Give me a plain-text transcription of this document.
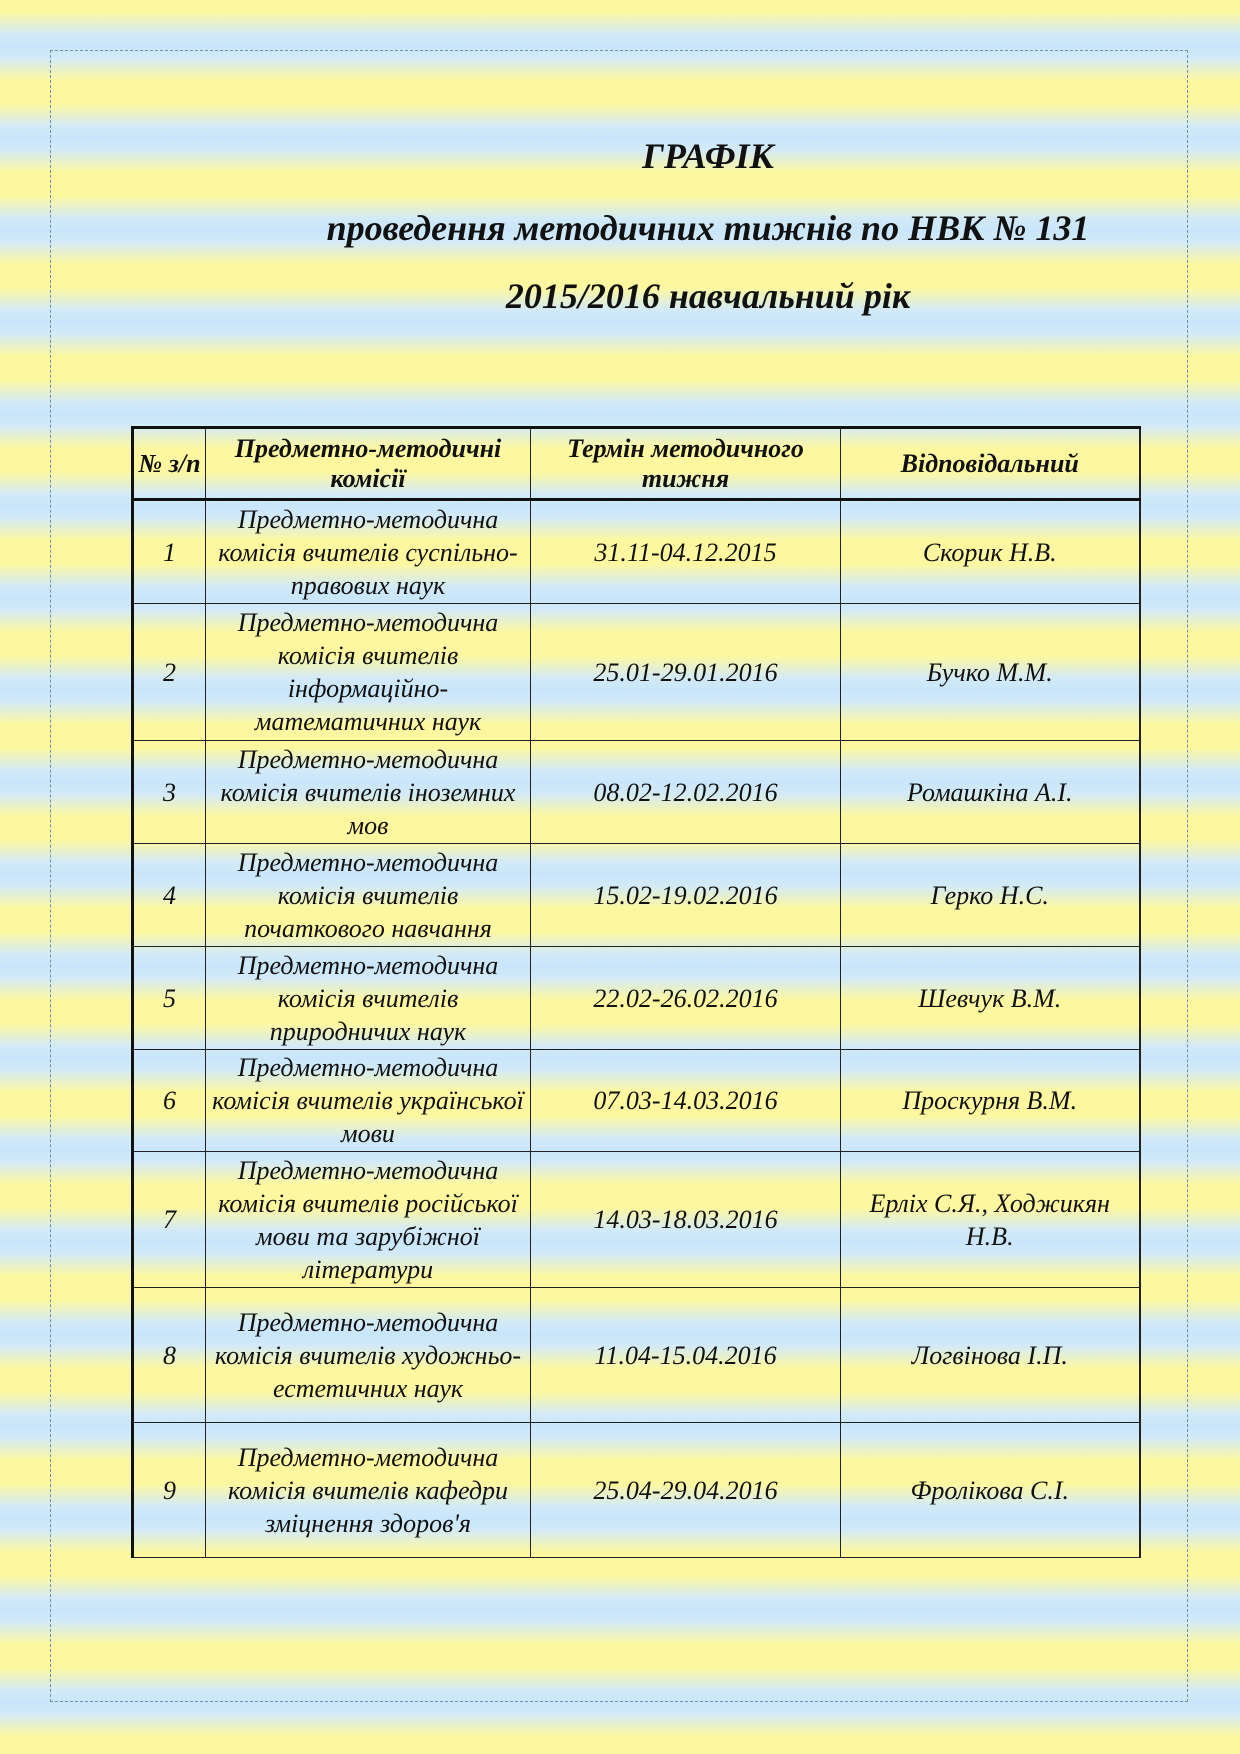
ГРАФІК
проведення методичних тижнів по НВК № 131
2015/2016 навчальний рік
№ з/п	Предметно-методичні комісії	Термін методичного тижня	Відповідальний
1	Предметно-методична комісія вчителів суспільно-правових наук	31.11-04.12.2015	Скорик Н.В.
2	Предметно-методична комісія вчителів інформаційно-математичних наук	25.01-29.01.2016	Бучко М.М.
3	Предметно-методична комісія вчителів іноземних мов	08.02-12.02.2016	Ромашкіна А.І.
4	Предметно-методична комісія вчителів початкового навчання	15.02-19.02.2016	Герко Н.С.
5	Предметно-методична комісія вчителів природничих наук	22.02-26.02.2016	Шевчук В.М.
6	Предметно-методична комісія вчителів української мови	07.03-14.03.2016	Проскурня В.М.
7	Предметно-методична комісія вчителів російської мови та зарубіжної літератури	14.03-18.03.2016	Ерліх С.Я., Ходжикян Н.В.
8	Предметно-методична комісія вчителів художньо-естетичних наук	11.04-15.04.2016	Логвінова І.П.
9	Предметно-методична комісія вчителів кафедри зміцнення здоров'я	25.04-29.04.2016	Фролікова С.І.
